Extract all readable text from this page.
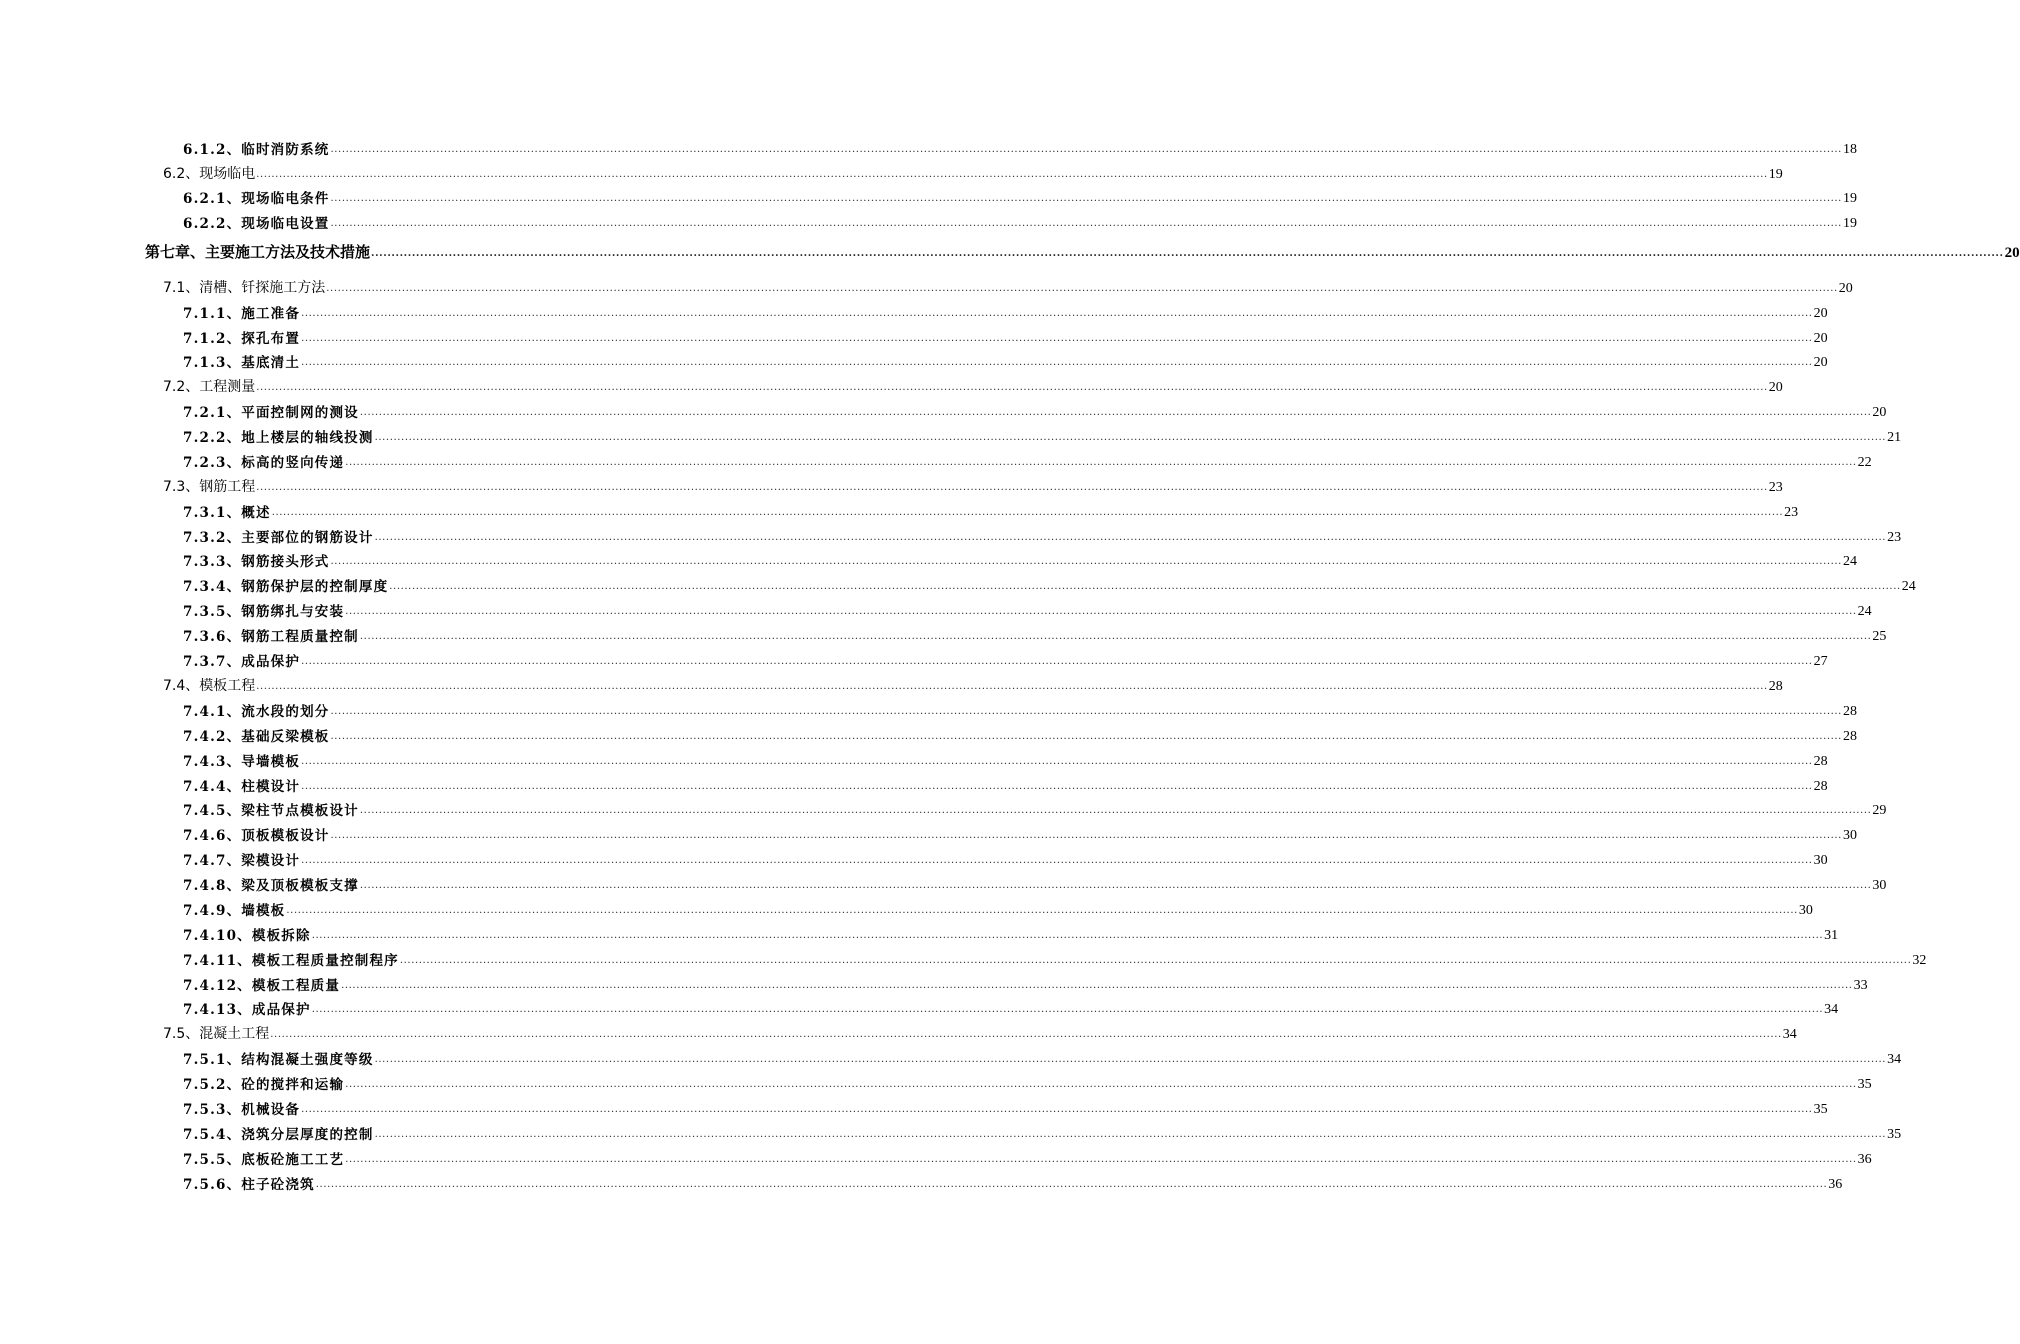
6.1.2、临时消防系统 ................................................................................................................................................................................................................................................................................................................................................................................................................ 18
6.2、现场临电 ................................................................................................................................................................................................................................................................................................................................................................................................................ 19
6.2.1、现场临电条件 ................................................................................................................................................................................................................................................................................................................................................................................................................ 19
6.2.2、现场临电设置 ................................................................................................................................................................................................................................................................................................................................................................................................................ 19
第七章、主要施工方法及技术措施 ................................................................................................................................................................................................................................................................................................................................................................................................................ 20
7.1、清槽、钎探施工方法 ................................................................................................................................................................................................................................................................................................................................................................................................................ 20
7.1.1、施工准备 ................................................................................................................................................................................................................................................................................................................................................................................................................ 20
7.1.2、探孔布置 ................................................................................................................................................................................................................................................................................................................................................................................................................ 20
7.1.3、基底清土 ................................................................................................................................................................................................................................................................................................................................................................................................................ 20
7.2、工程测量 ................................................................................................................................................................................................................................................................................................................................................................................................................ 20
7.2.1、平面控制网的测设 ................................................................................................................................................................................................................................................................................................................................................................................................................ 20
7.2.2、地上楼层的轴线投测 ................................................................................................................................................................................................................................................................................................................................................................................................................ 21
7.2.3、标高的竖向传递 ................................................................................................................................................................................................................................................................................................................................................................................................................ 22
7.3、钢筋工程 ................................................................................................................................................................................................................................................................................................................................................................................................................ 23
7.3.1、概述 ................................................................................................................................................................................................................................................................................................................................................................................................................ 23
7.3.2、主要部位的钢筋设计 ................................................................................................................................................................................................................................................................................................................................................................................................................ 23
7.3.3、钢筋接头形式 ................................................................................................................................................................................................................................................................................................................................................................................................................ 24
7.3.4、钢筋保护层的控制厚度 ................................................................................................................................................................................................................................................................................................................................................................................................................ 24
7.3.5、钢筋绑扎与安装 ................................................................................................................................................................................................................................................................................................................................................................................................................ 24
7.3.6、钢筋工程质量控制 ................................................................................................................................................................................................................................................................................................................................................................................................................ 25
7.3.7、成品保护 ................................................................................................................................................................................................................................................................................................................................................................................................................ 27
7.4、模板工程 ................................................................................................................................................................................................................................................................................................................................................................................................................ 28
7.4.1、流水段的划分 ................................................................................................................................................................................................................................................................................................................................................................................................................ 28
7.4.2、基础反梁模板 ................................................................................................................................................................................................................................................................................................................................................................................................................ 28
7.4.3、导墙模板 ................................................................................................................................................................................................................................................................................................................................................................................................................ 28
7.4.4、柱模设计 ................................................................................................................................................................................................................................................................................................................................................................................................................ 28
7.4.5、梁柱节点模板设计 ................................................................................................................................................................................................................................................................................................................................................................................................................ 29
7.4.6、顶板模板设计 ................................................................................................................................................................................................................................................................................................................................................................................................................ 30
7.4.7、梁模设计 ................................................................................................................................................................................................................................................................................................................................................................................................................ 30
7.4.8、梁及顶板模板支撑 ................................................................................................................................................................................................................................................................................................................................................................................................................ 30
7.4.9、墙模板 ................................................................................................................................................................................................................................................................................................................................................................................................................ 30
7.4.10、模板拆除 ................................................................................................................................................................................................................................................................................................................................................................................................................ 31
7.4.11、模板工程质量控制程序 ................................................................................................................................................................................................................................................................................................................................................................................................................ 32
7.4.12、模板工程质量 ................................................................................................................................................................................................................................................................................................................................................................................................................ 33
7.4.13、成品保护 ................................................................................................................................................................................................................................................................................................................................................................................................................ 34
7.5、混凝土工程 ................................................................................................................................................................................................................................................................................................................................................................................................................ 34
7.5.1、结构混凝土强度等级 ................................................................................................................................................................................................................................................................................................................................................................................................................ 34
7.5.2、砼的搅拌和运输 ................................................................................................................................................................................................................................................................................................................................................................................................................ 35
7.5.3、机械设备 ................................................................................................................................................................................................................................................................................................................................................................................................................ 35
7.5.4、浇筑分层厚度的控制 ................................................................................................................................................................................................................................................................................................................................................................................................................ 35
7.5.5、底板砼施工工艺 ................................................................................................................................................................................................................................................................................................................................................................................................................ 36
7.5.6、柱子砼浇筑 ................................................................................................................................................................................................................................................................................................................................................................................................................ 36
